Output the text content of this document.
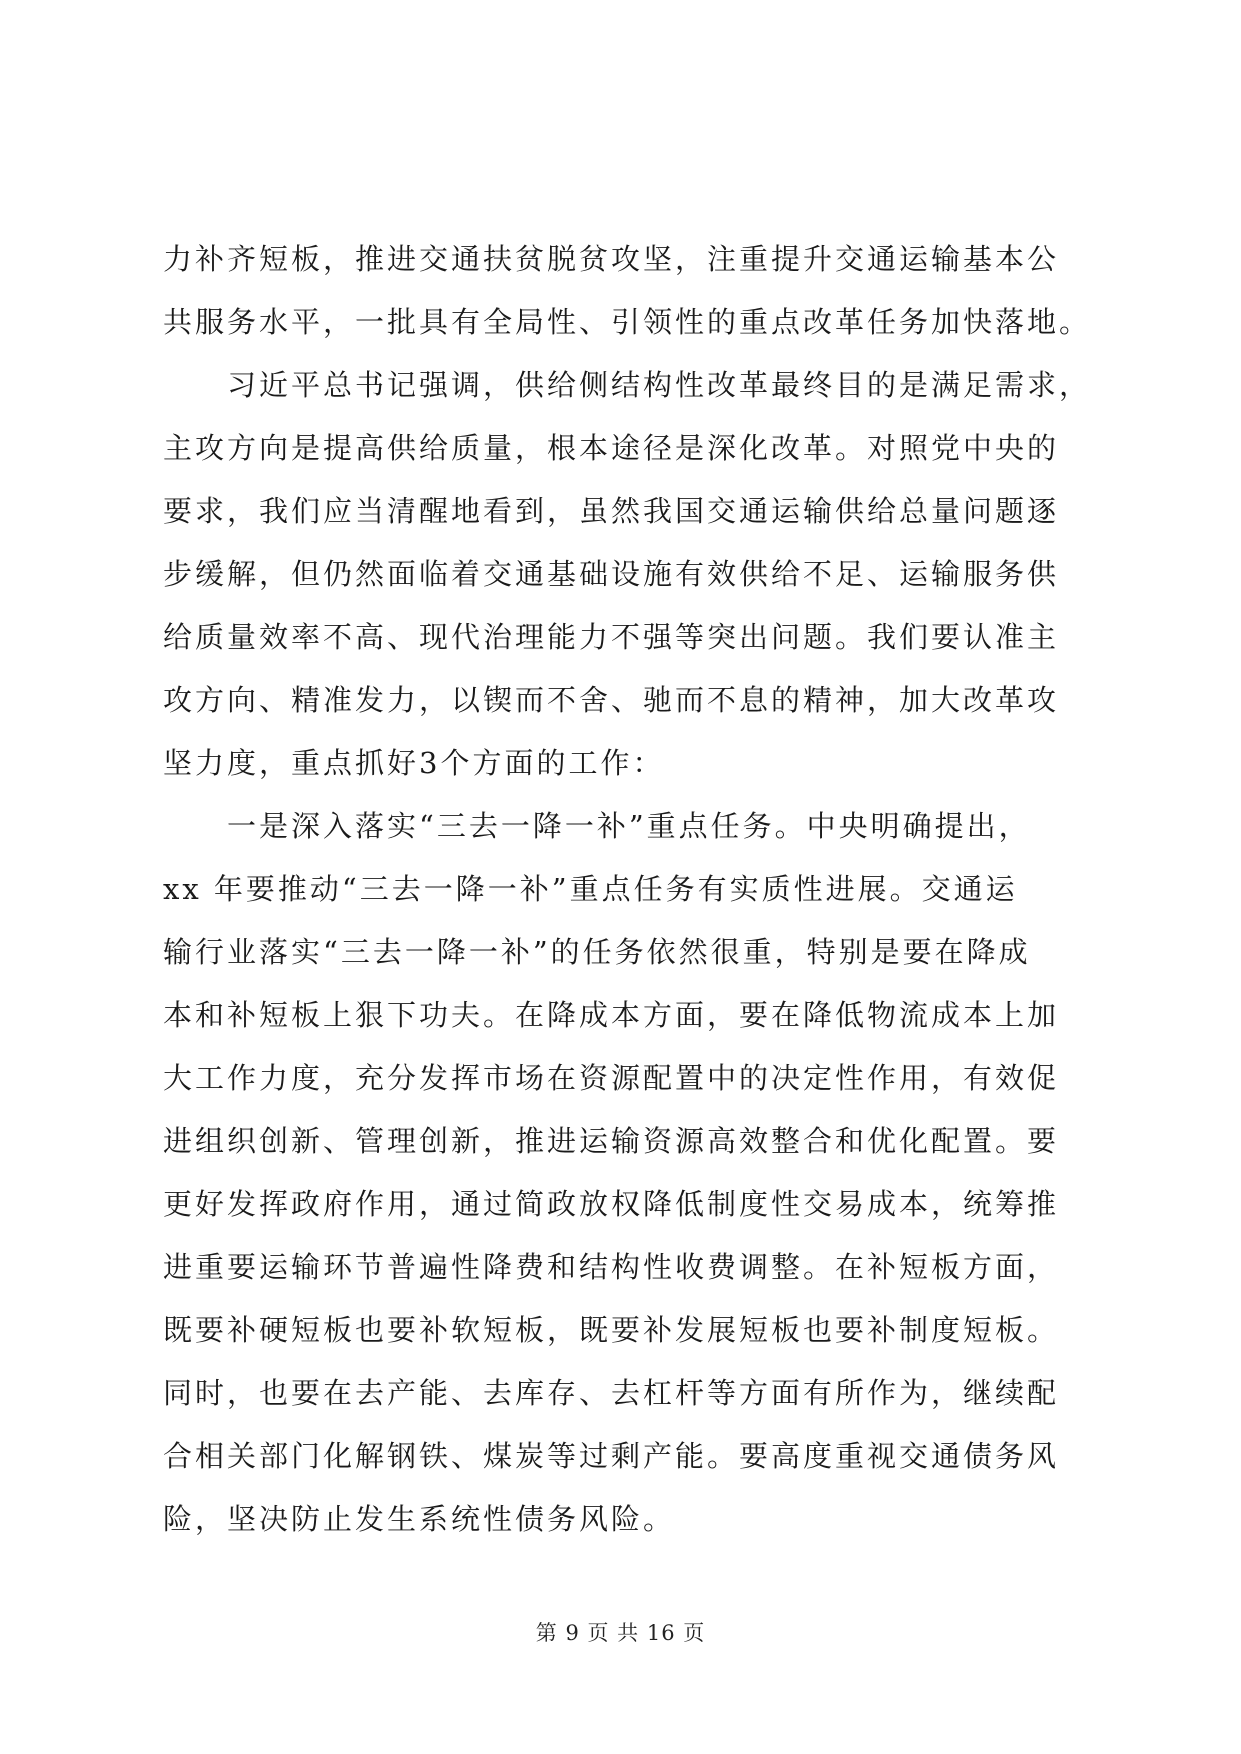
力补齐短板，推进交通扶贫脱贫攻坚，注重提升交通运输基本公
共服务水平，一批具有全局性、引领性的重点改革任务加快落地。
习近平总书记强调，供给侧结构性改革最终目的是满足需求，
主攻方向是提高供给质量，根本途径是深化改革。对照党中央的
要求，我们应当清醒地看到，虽然我国交通运输供给总量问题逐
步缓解，但仍然面临着交通基础设施有效供给不足、运输服务供
给质量效率不高、现代治理能力不强等突出问题。我们要认准主
攻方向、精准发力，以锲而不舍、驰而不息的精神，加大改革攻
坚力度，重点抓好3个方面的工作：
一是深入落实“三去一降一补”重点任务。中央明确提出，
xx 年要推动“三去一降一补”重点任务有实质性进展。交通运
输行业落实“三去一降一补”的任务依然很重，特别是要在降成
本和补短板上狠下功夫。在降成本方面，要在降低物流成本上加
大工作力度，充分发挥市场在资源配置中的决定性作用，有效促
进组织创新、管理创新，推进运输资源高效整合和优化配置。要
更好发挥政府作用，通过简政放权降低制度性交易成本，统筹推
进重要运输环节普遍性降费和结构性收费调整。在补短板方面，
既要补硬短板也要补软短板，既要补发展短板也要补制度短板。
同时，也要在去产能、去库存、去杠杆等方面有所作为，继续配
合相关部门化解钢铁、煤炭等过剩产能。要高度重视交通债务风
险，坚决防止发生系统性债务风险。
第 9 页 共 16 页
